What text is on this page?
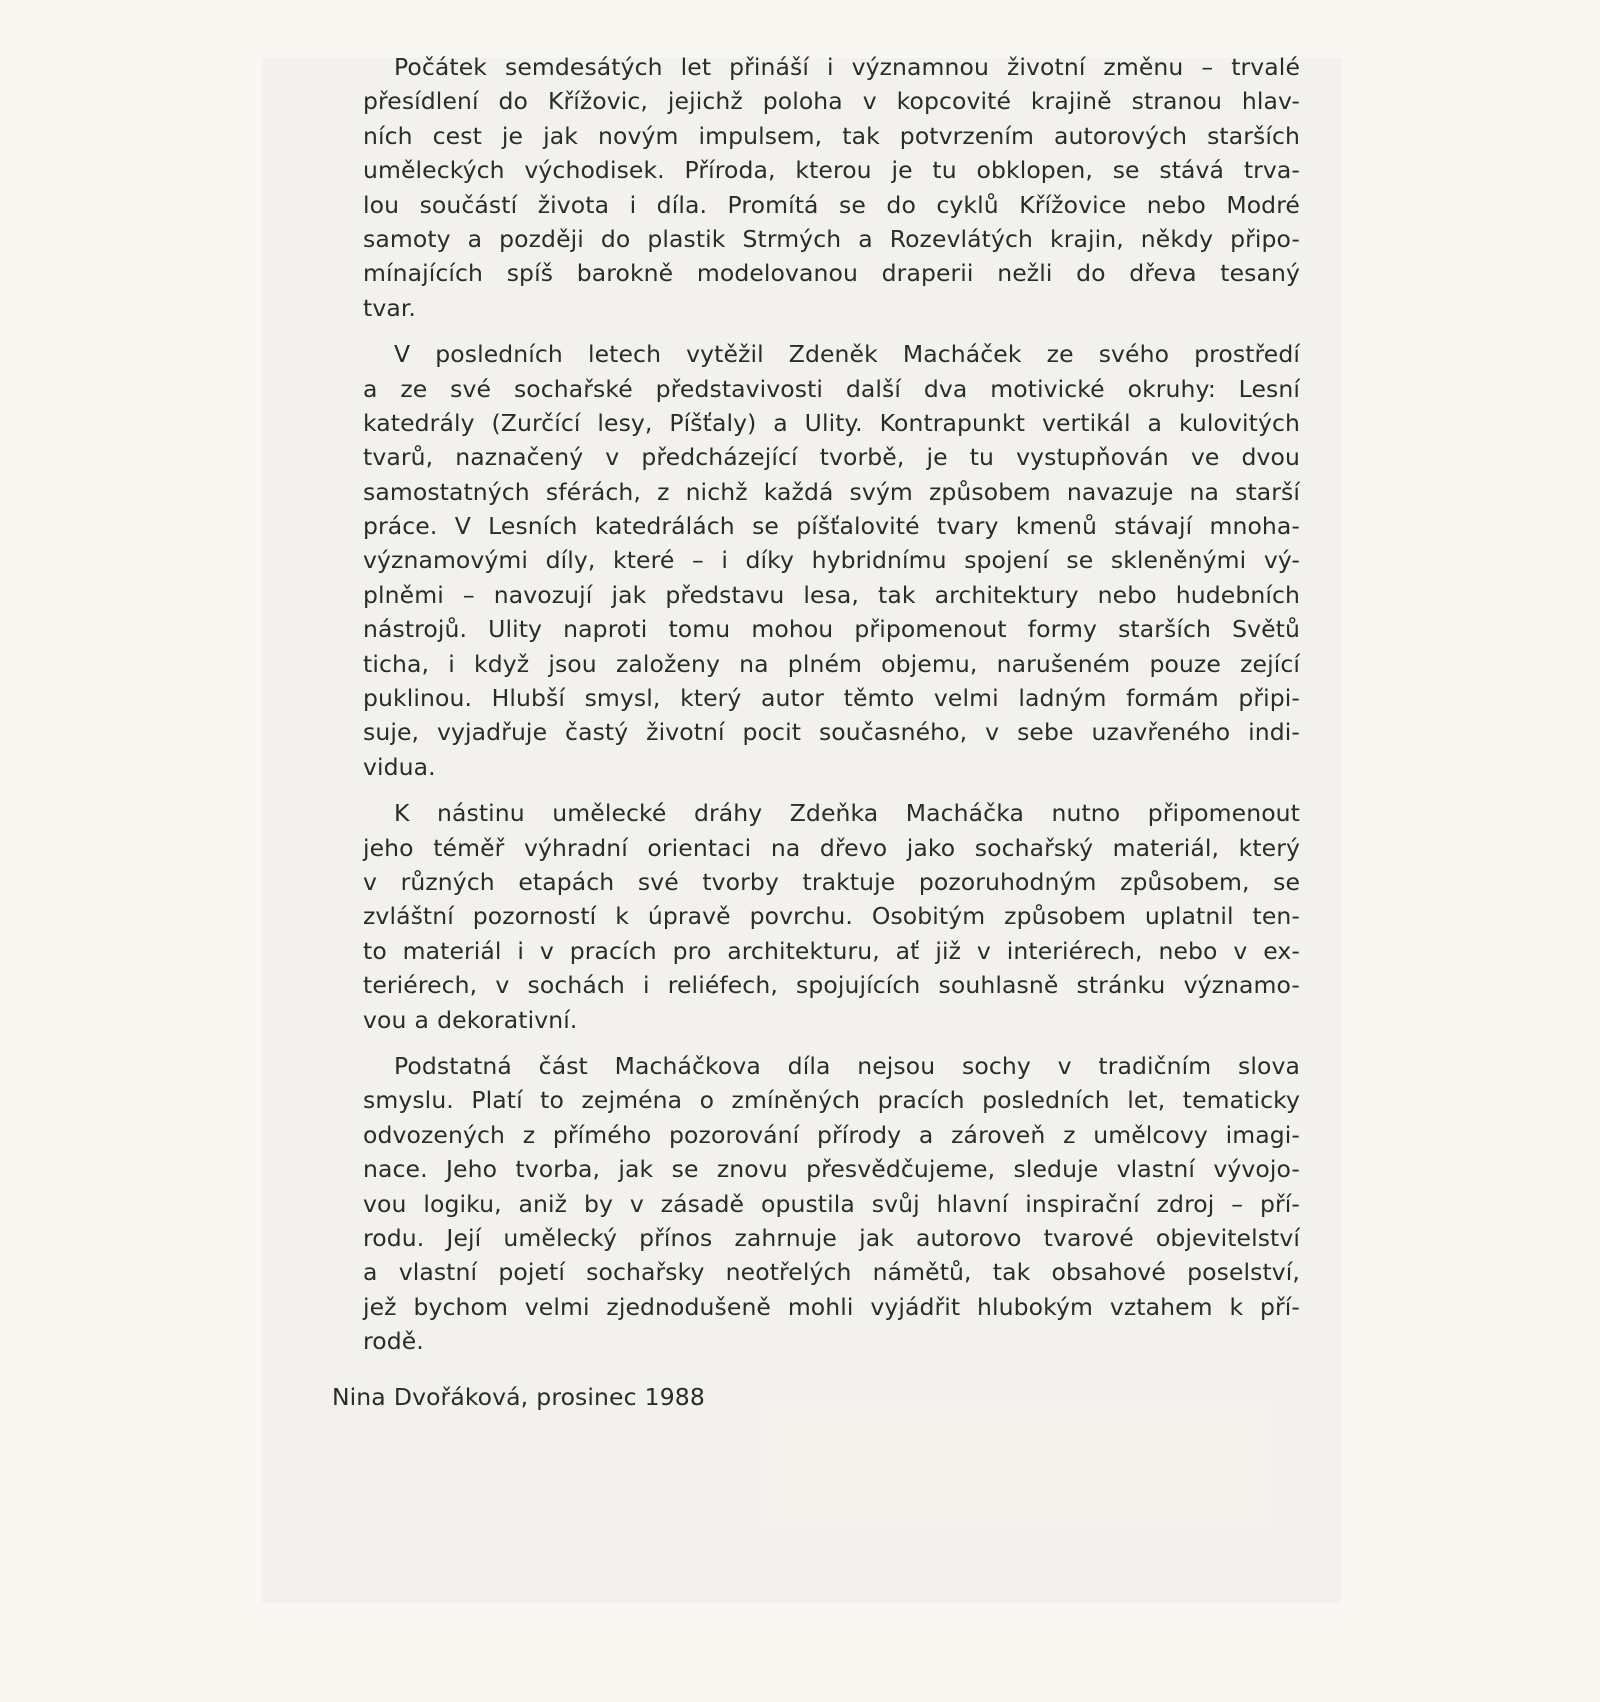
Počátek semdesátých let přináší i významnou životní změnu – trvalé
přesídlení do Křížovic, jejichž poloha v kopcovité krajině stranou hlav-
ních cest je jak novým impulsem, tak potvrzením autorových starších
uměleckých východisek. Příroda, kterou je tu obklopen, se stává trva-
lou součástí života i díla. Promítá se do cyklů Křížovice nebo Modré
samoty a později do plastik Strmých a Rozevlátých krajin, někdy připo-
mínajících spíš barokně modelovanou draperii nežli do dřeva tesaný
tvar.
V posledních letech vytěžil Zdeněk Macháček ze svého prostředí
a ze své sochařské představivosti další dva motivické okruhy: Lesní
katedrály (Zurčící lesy, Píšťaly) a Ulity. Kontrapunkt vertikál a kulovitých
tvarů, naznačený v předcházející tvorbě, je tu vystupňován ve dvou
samostatných sférách, z nichž každá svým způsobem navazuje na starší
práce. V Lesních katedrálách se píšťalovité tvary kmenů stávají mnoha-
významovými díly, které – i díky hybridnímu spojení se skleněnými vý-
plněmi – navozují jak představu lesa, tak architektury nebo hudebních
nástrojů. Ulity naproti tomu mohou připomenout formy starších Světů
ticha, i když jsou založeny na plném objemu, narušeném pouze zející
puklinou. Hlubší smysl, který autor těmto velmi ladným formám připi-
suje, vyjadřuje častý životní pocit současného, v sebe uzavřeného indi-
vidua.
K nástinu umělecké dráhy Zdeňka Macháčka nutno připomenout
jeho téměř výhradní orientaci na dřevo jako sochařský materiál, který
v různých etapách své tvorby traktuje pozoruhodným způsobem, se
zvláštní pozorností k úpravě povrchu. Osobitým způsobem uplatnil ten-
to materiál i v pracích pro architekturu, ať již v interiérech, nebo v ex-
teriérech, v sochách i reliéfech, spojujících souhlasně stránku významo-
vou a dekorativní.
Podstatná část Macháčkova díla nejsou sochy v tradičním slova
smyslu. Platí to zejména o zmíněných pracích posledních let, tematicky
odvozených z přímého pozorování přírody a zároveň z umělcovy imagi-
nace. Jeho tvorba, jak se znovu přesvědčujeme, sleduje vlastní vývojo-
vou logiku, aniž by v zásadě opustila svůj hlavní inspirační zdroj – pří-
rodu. Její umělecký přínos zahrnuje jak autorovo tvarové objevitelství
a vlastní pojetí sochařsky neotřelých námětů, tak obsahové poselství,
jež bychom velmi zjednodušeně mohli vyjádřit hlubokým vztahem k pří-
rodě.
Nina Dvořáková, prosinec 1988
